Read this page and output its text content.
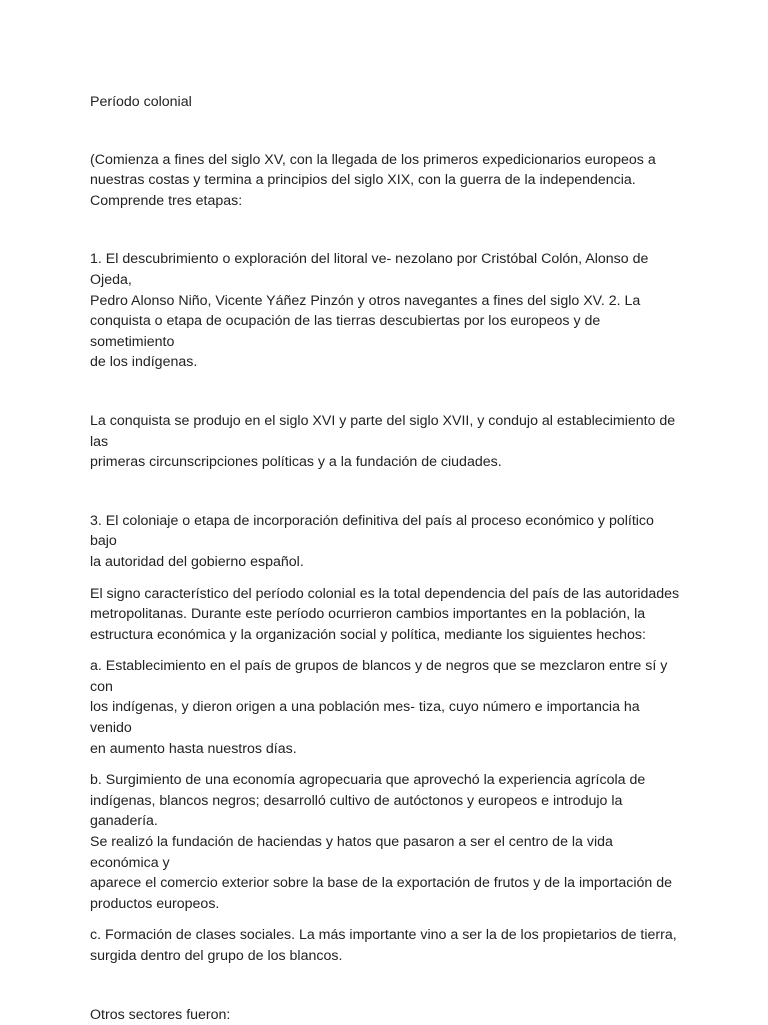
Período colonial

(Comienza a fines del siglo XV, con la llegada de los primeros expedicionarios europeos a
nuestras costas y termina a principios del siglo XIX, con la guerra de la independencia.
Comprende tres etapas:

1. El descubrimiento o exploración del litoral ve- nezolano por Cristóbal Colón, Alonso de Ojeda,
Pedro Alonso Niño, Vicente Yáñez Pinzón y otros navegantes a fines del siglo XV. 2. La
conquista o etapa de ocupación de las tierras descubiertas por los europeos y de sometimiento
de los indígenas.

La conquista se produjo en el siglo XVI y parte del siglo XVII, y condujo al establecimiento de las
primeras circunscripciones políticas y a la fundación de ciudades.

3. El coloniaje o etapa de incorporación definitiva del país al proceso económico y político bajo
la autoridad del gobierno español.

El signo característico del período colonial es la total dependencia del país de las autoridades
metropolitanas. Durante este período ocurrieron cambios importantes en la población, la
estructura económica y la organización social y política, mediante los siguientes hechos:

a. Establecimiento en el país de grupos de blancos y de negros que se mezclaron entre sí y con
los indígenas, y dieron origen a una población mes- tiza, cuyo número e importancia ha venido
en aumento hasta nuestros días.

b. Surgimiento de una economía agropecuaria que aprovechó la experiencia agrícola de
indígenas, blancos negros; desarrolló cultivo de autóctonos y europeos e introdujo la ganadería.
Se realizó la fundación de haciendas y hatos que pasaron a ser el centro de la vida económica y
aparece el comercio exterior sobre la base de la exportación de frutos y de la importación de
productos europeos.

c. Formación de clases sociales. La más importante vino a ser la de los propietarios de tierra,
surgida dentro del grupo de los blancos.

Otros sectores fueron:
